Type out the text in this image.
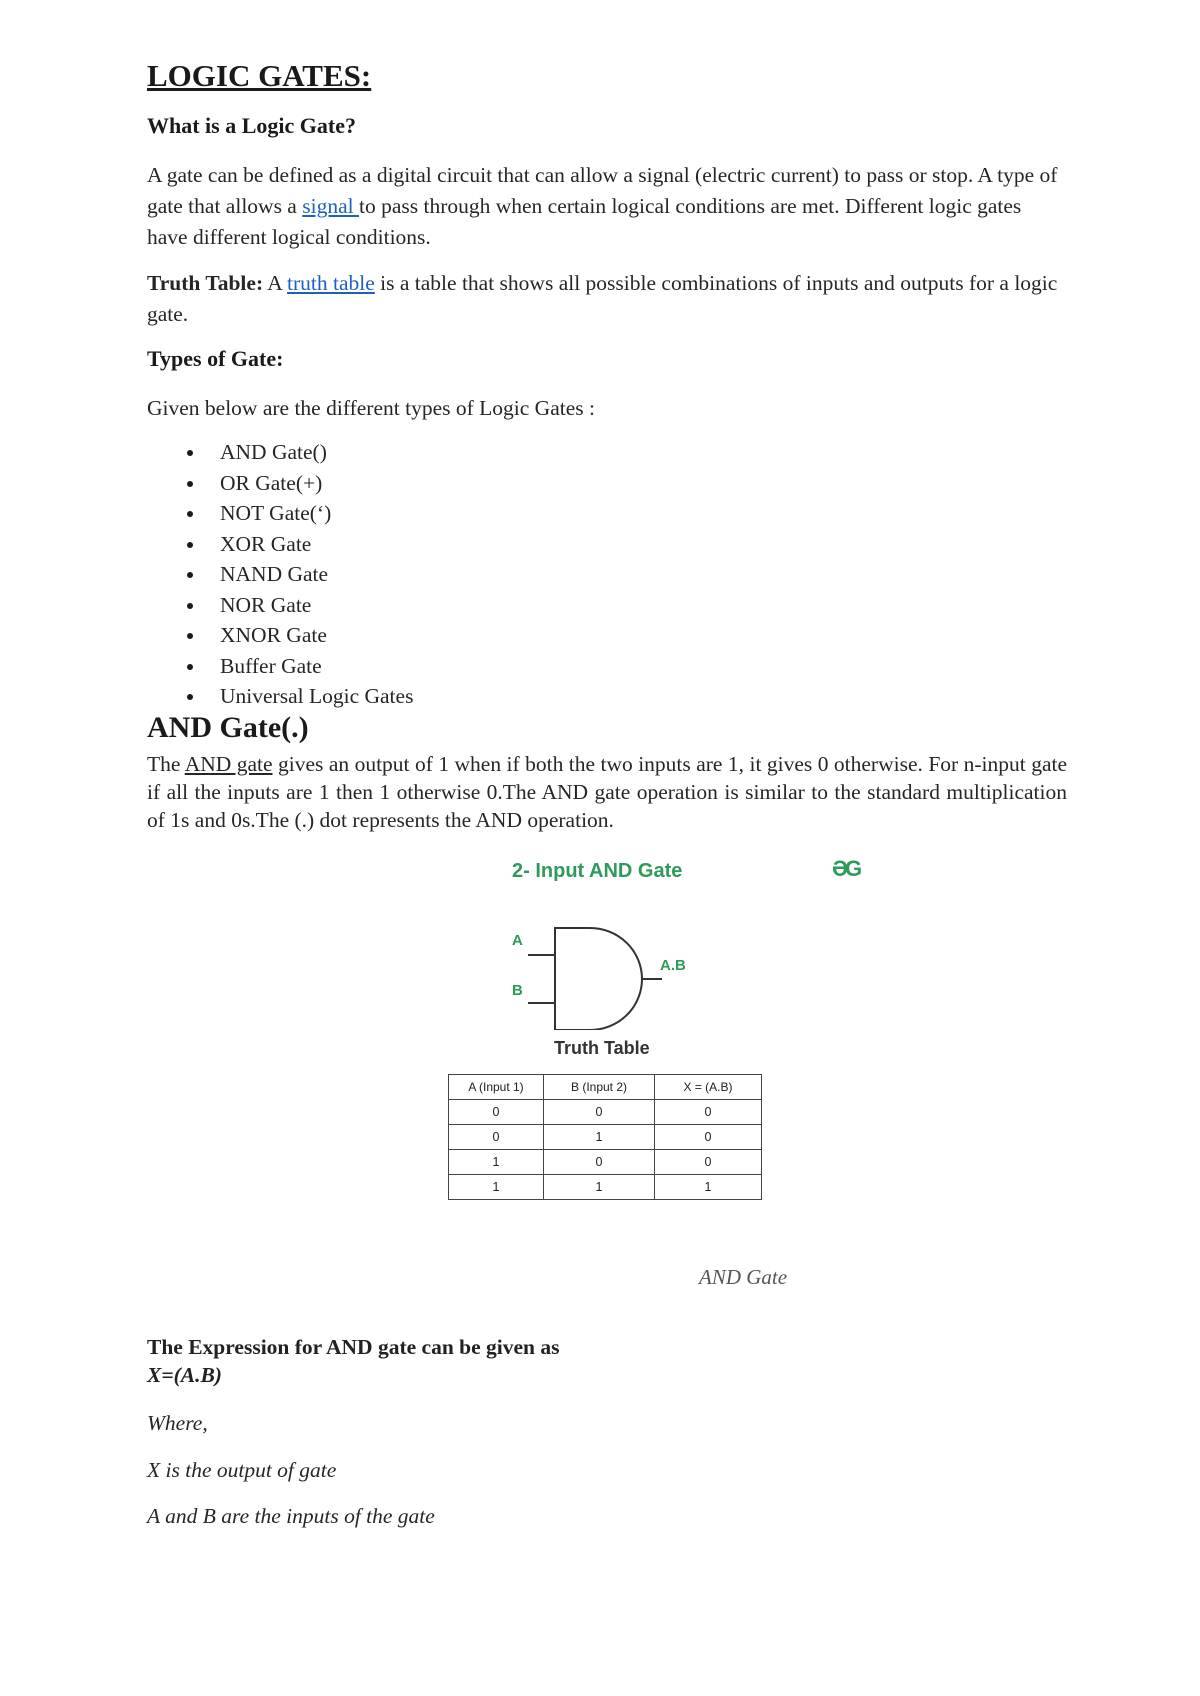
LOGIC GATES:
What is a Logic Gate?

A gate can be defined as a digital circuit that can allow a signal (electric current) to pass or stop. A type of gate that allows a signal to pass through when certain logical conditions are met. Different logic gates have different logical conditions.

Truth Table: A truth table is a table that shows all possible combinations of inputs and outputs for a logic gate.

Types of Gate:

Given below are the different types of Logic Gates :

AND Gate()
OR Gate(+)
NOT Gate(‘)
XOR Gate
NAND Gate
NOR Gate
XNOR Gate
Buffer Gate
Universal Logic Gates
AND Gate(.)

The AND gate gives an output of 1 when if both the two inputs are 1, it gives 0 otherwise. For n-input gate if all the inputs are 1 then 1 otherwise 0.The AND gate operation is similar to the standard multiplication of 1s and 0s.The (.) dot represents the AND operation.

AND Gate

The Expression for AND gate can be given as

X=(A.B)

Where,

X is the output of gate

A and B are the inputs of the gate

2- Input AND Gate	ƏG
A
B
A.B

Truth Table

A (Input 1)	B (Input 2)	X = (A.B)
0	0	0
0	1	0
1	0	0
1	1	1
